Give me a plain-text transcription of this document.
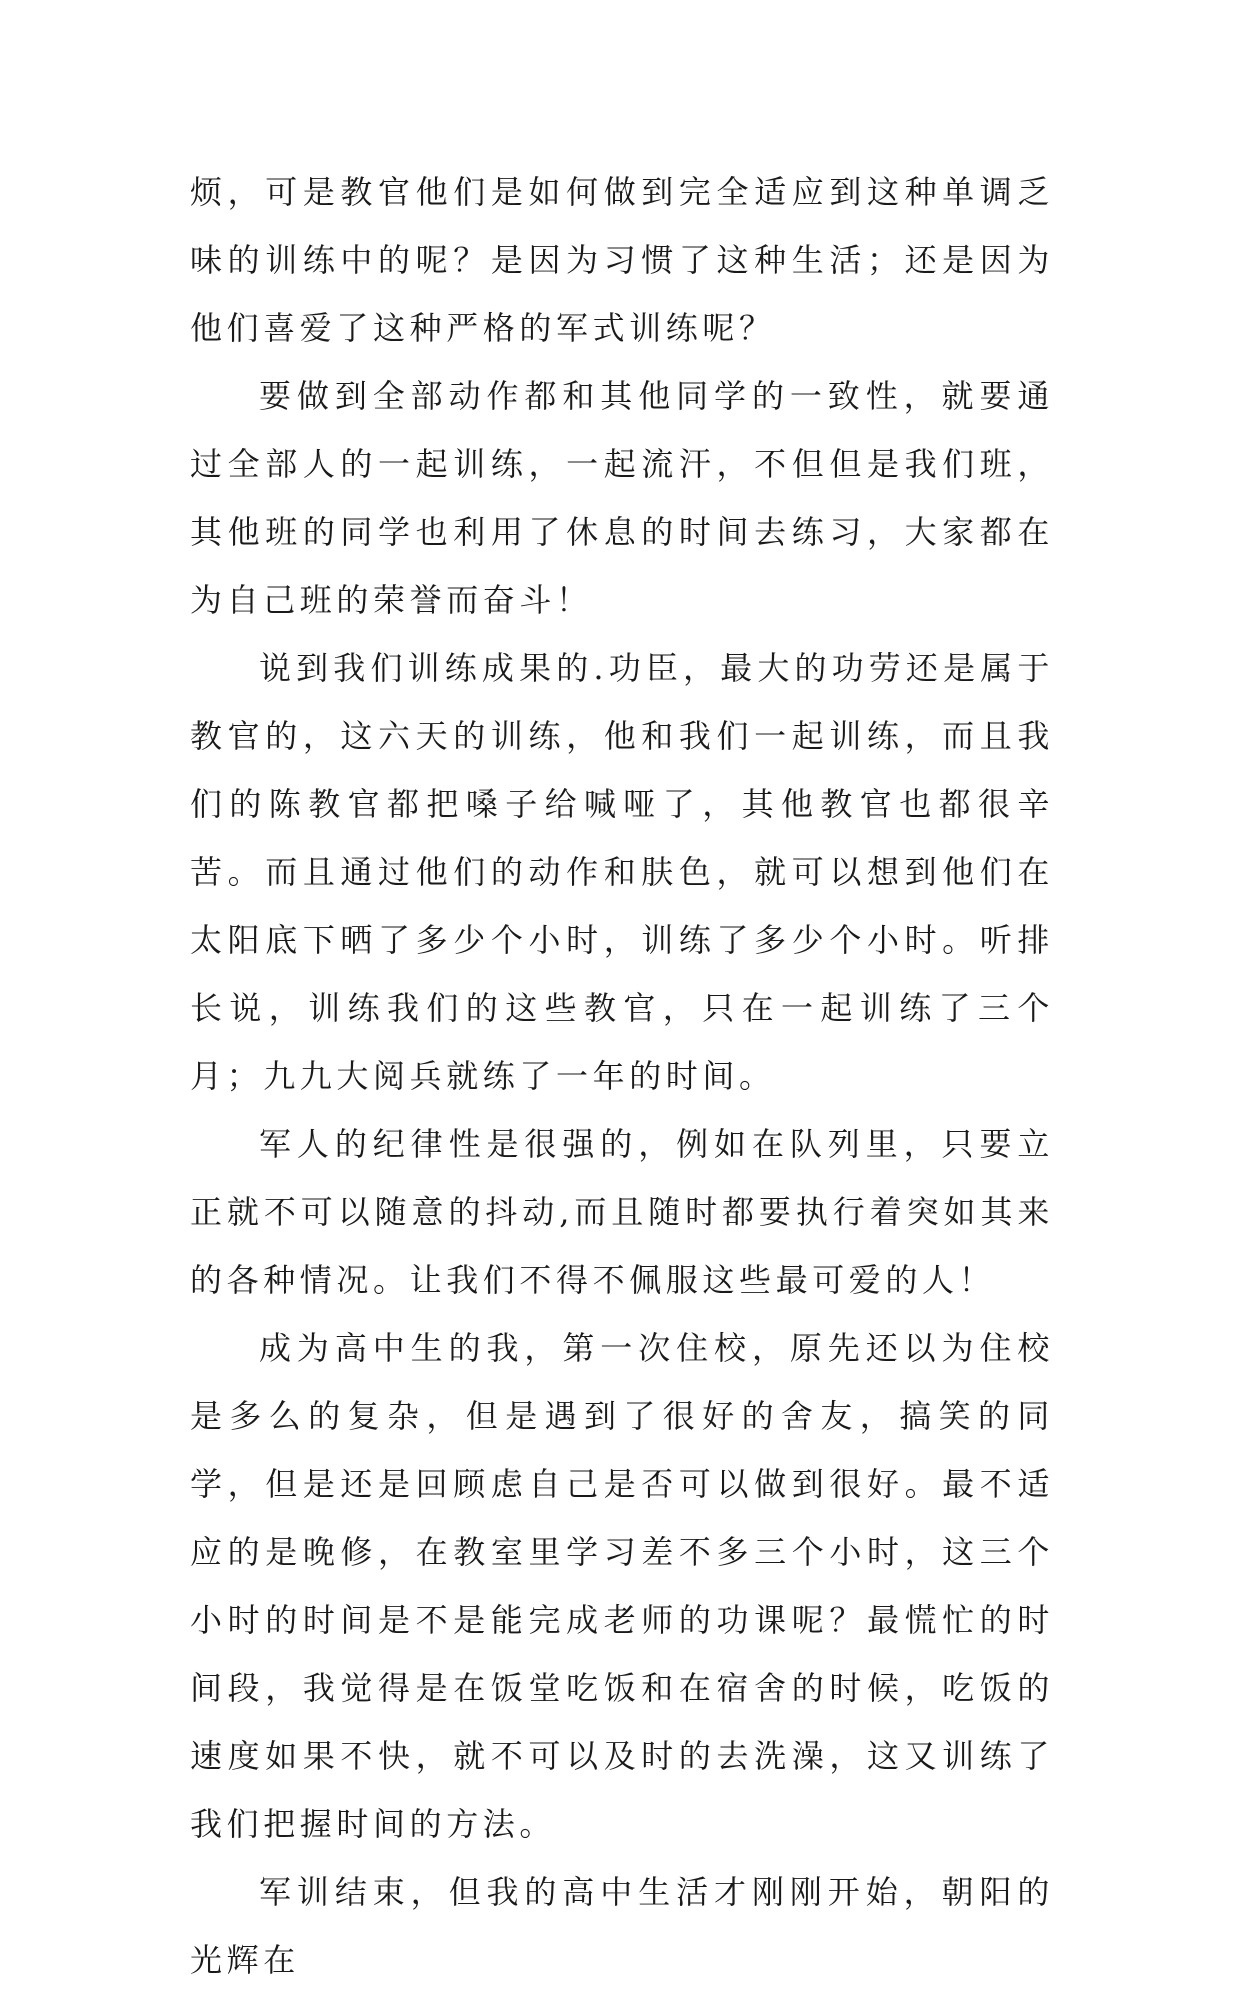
烦，可是教官他们是如何做到完全适应到这种单调乏味的训练中的呢？是因为习惯了这种生活；还是因为他们喜爱了这种严格的军式训练呢？

要做到全部动作都和其他同学的一致性，就要通过全部人的一起训练，一起流汗，不但但是我们班，其他班的同学也利用了休息的时间去练习，大家都在为自己班的荣誉而奋斗！

说到我们训练成果的.功臣，最大的功劳还是属于教官的，这六天的训练，他和我们一起训练，而且我们的陈教官都把嗓子给喊哑了，其他教官也都很辛苦。而且通过他们的动作和肤色，就可以想到他们在太阳底下晒了多少个小时，训练了多少个小时。听排长说，训练我们的这些教官，只在一起训练了三个月；九九大阅兵就练了一年的时间。

军人的纪律性是很强的，例如在队列里，只要立正就不可以随意的抖动,而且随时都要执行着突如其来的各种情况。让我们不得不佩服这些最可爱的人！

成为高中生的我，第一次住校，原先还以为住校是多么的复杂，但是遇到了很好的舍友，搞笑的同学，但是还是回顾虑自己是否可以做到很好。最不适应的是晚修，在教室里学习差不多三个小时，这三个小时的时间是不是能完成老师的功课呢？最慌忙的时间段，我觉得是在饭堂吃饭和在宿舍的时候，吃饭的速度如果不快，就不可以及时的去洗澡，这又训练了我们把握时间的方法。

军训结束，但我的高中生活才刚刚开始，朝阳的光辉在
